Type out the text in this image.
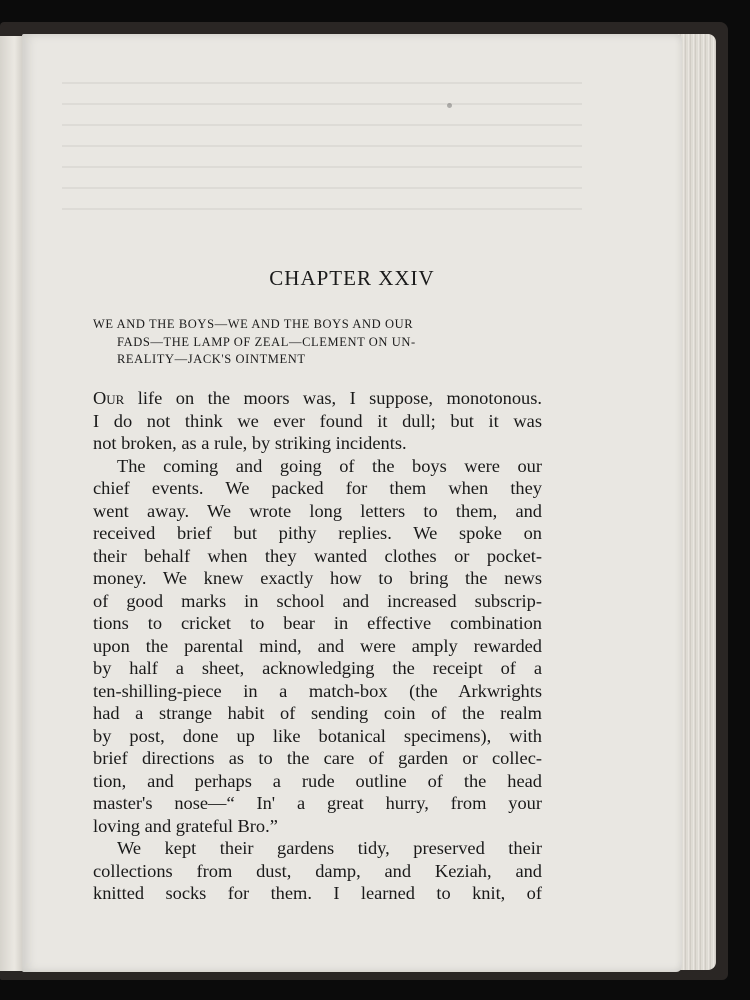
CHAPTER XXIV
WE AND THE BOYS—WE AND THE BOYS AND OUR
FADS—THE LAMP OF ZEAL—CLEMENT ON UN-
REALITY—JACK'S OINTMENT
Our life on the moors was, I suppose, monotonous.
I do not think we ever found it dull; but it was
not broken, as a rule, by striking incidents.
The coming and going of the boys were our
chief events. We packed for them when they
went away. We wrote long letters to them, and
received brief but pithy replies. We spoke on
their behalf when they wanted clothes or pocket-
money. We knew exactly how to bring the news
of good marks in school and increased subscrip-
tions to cricket to bear in effective combination
upon the parental mind, and were amply rewarded
by half a sheet, acknowledging the receipt of a
ten-shilling-piece in a match-box (the Arkwrights
had a strange habit of sending coin of the realm
by post, done up like botanical specimens), with
brief directions as to the care of garden or collec-
tion, and perhaps a rude outline of the head
master's nose—“ In' a great hurry, from your
loving and grateful Bro.”
We kept their gardens tidy, preserved their
collections from dust, damp, and Keziah, and
knitted socks for them. I learned to knit, of
